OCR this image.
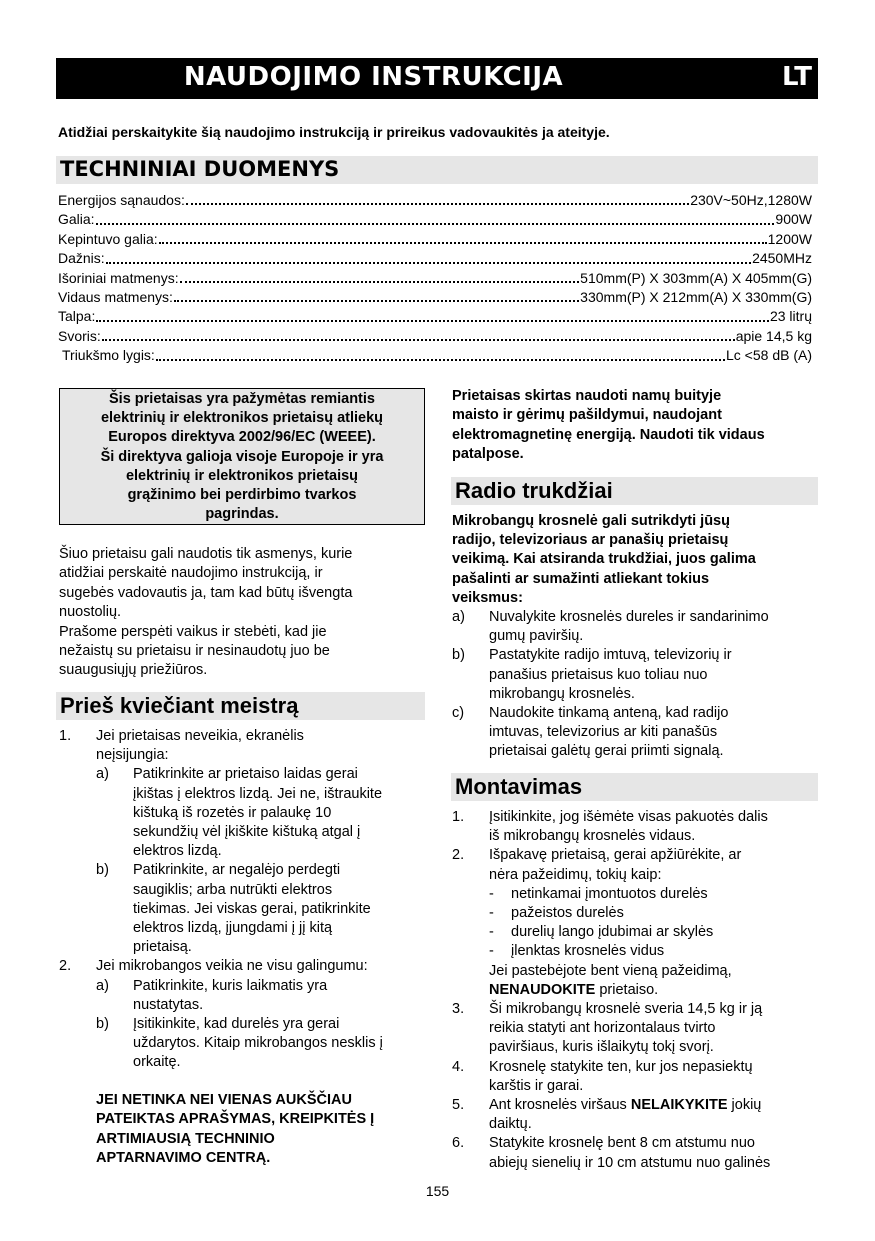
NAUDOJIMO INSTRUKCIJA	LT
Atidžiai perskaitykite šią naudojimo instrukciją ir prireikus vadovaukitės ja ateityje.
TECHNINIAI DUOMENYS
Energijos sąnaudos:	230V~50Hz,1280W
Galia:	900W
Kepintuvo galia:	1200W
Dažnis:	2450MHz
Išoriniai matmenys:	510mm(P) X 303mm(A) X 405mm(G)
Vidaus matmenys:	330mm(P) X 212mm(A) X 330mm(G)
Talpa:	23 litrų
Svoris:	apie 14,5 kg
Triukšmo lygis:	Lc <58 dB (A)
Šis prietaisas yra pažymėtas remiantis
elektrinių ir elektronikos prietaisų atliekų
Europos direktyva 2002/96/EC (WEEE).
Ši direktyva galioja visoje Europoje ir yra
elektrinių ir elektronikos prietaisų
grąžinimo bei perdirbimo tvarkos
pagrindas.
Šiuo prietaisu gali naudotis tik asmenys, kurie
atidžiai perskaitė naudojimo instrukciją, ir
sugebės vadovautis ja, tam kad būtų išvengta
nuostolių.
Prašome perspėti vaikus ir stebėti, kad jie
nežaistų su prietaisu ir nesinaudotų juo be
suaugusiųjų priežiūros.
Prieš kviečiant meistrą
1. Jei prietaisas neveikia, ekranėlis
neįsijungia:
a) Patikrinkite ar prietaiso laidas gerai
įkištas į elektros lizdą. Jei ne, ištraukite
kištuką iš rozetės ir palaukę 10
sekundžių vėl įkiškite kištuką atgal į
elektros lizdą.
b) Patikrinkite, ar negalėjo perdegti
saugiklis; arba nutrūkti elektros
tiekimas. Jei viskas gerai, patikrinkite
elektros lizdą, įjungdami į jį kitą
prietaisą.
2. Jei mikrobangos veikia ne visu galingumu:
a) Patikrinkite, kuris laikmatis yra
nustatytas.
b) Įsitikinkite, kad durelės yra gerai
uždarytos. Kitaip mikrobangos nesklis į
orkaitę.
JEI NETINKA NEI VIENAS AUKŠČIAU
PATEIKTAS APRAŠYMAS, KREIPKITĖS Į
ARTIMIAUSIĄ TECHNINIO
APTARNAVIMO CENTRĄ.
Prietaisas skirtas naudoti namų buityje
maisto ir gėrimų pašildymui, naudojant
elektromagnetinę energiją. Naudoti tik vidaus
patalpose.
Radio trukdžiai
Mikrobangų krosnelė gali sutrikdyti jūsų
radijo, televizoriaus ar panašių prietaisų
veikimą. Kai atsiranda trukdžiai, juos galima
pašalinti ar sumažinti atliekant tokius
veiksmus:
a) Nuvalykite krosnelės dureles ir sandarinimo
gumų paviršių.
b) Pastatykite radijo imtuvą, televizorių ir
panašius prietaisus kuo toliau nuo
mikrobangų krosnelės.
c) Naudokite tinkamą anteną, kad radijo
imtuvas, televizorius ar kiti panašūs
prietaisai galėtų gerai priimti signalą.
Montavimas
1. Įsitikinkite, jog išėmėte visas pakuotės dalis
iš mikrobangų krosnelės vidaus.
2. Išpakavę prietaisą, gerai apžiūrėkite, ar
nėra pažeidimų, tokių kaip:
- netinkamai įmontuotos durelės
- pažeistos durelės
- durelių lango įdubimai ar skylės
- įlenktas krosnelės vidus
Jei pastebėjote bent vieną pažeidimą,
NENAUDOKITE prietaiso.
3. Ši mikrobangų krosnelė sveria 14,5 kg ir ją
reikia statyti ant horizontalaus tvirto
paviršiaus, kuris išlaikytų tokį svorį.
4. Krosnelę statykite ten, kur jos nepasiektų
karštis ir garai.
5. Ant krosnelės viršaus NELAIKYKITE jokių
daiktų.
6. Statykite krosnelę bent 8 cm atstumu nuo
abiejų sienelių ir 10 cm atstumu nuo galinės
155
